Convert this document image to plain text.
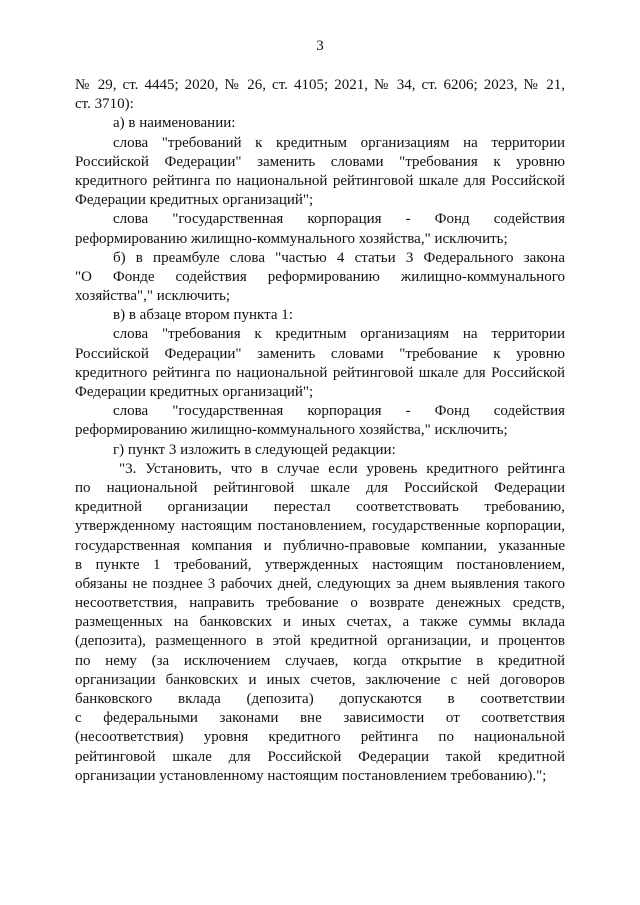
3
№ 29, ст. 4445; 2020, № 26, ст. 4105; 2021, № 34, ст. 6206; 2023, № 21,
ст. 3710):
а) в наименовании:
слова "требований к кредитным организациям на территории
Российской Федерации" заменить словами "требования к уровню
кредитного рейтинга по национальной рейтинговой шкале для Российской
Федерации кредитных организаций";
слова "государственная корпорация - Фонд содействия
реформированию жилищно-коммунального хозяйства," исключить;
б) в преамбуле слова "частью 4 статьи 3 Федерального закона
"О Фонде содействия реформированию жилищно-коммунального
хозяйства"," исключить;
в) в абзаце втором пункта 1:
слова "требования к кредитным организациям на территории
Российской Федерации" заменить словами "требование к уровню
кредитного рейтинга по национальной рейтинговой шкале для Российской
Федерации кредитных организаций";
слова "государственная корпорация - Фонд содействия
реформированию жилищно-коммунального хозяйства," исключить;
г) пункт 3 изложить в следующей редакции:
"3. Установить, что в случае если уровень кредитного рейтинга
по национальной рейтинговой шкале для Российской Федерации
кредитной организации перестал соответствовать требованию,
утвержденному настоящим постановлением, государственные корпорации,
государственная компания и публично-правовые компании, указанные
в пункте 1 требований, утвержденных настоящим постановлением,
обязаны не позднее 3 рабочих дней, следующих за днем выявления такого
несоответствия, направить требование о возврате денежных средств,
размещенных на банковских и иных счетах, а также суммы вклада
(депозита), размещенного в этой кредитной организации, и процентов
по нему (за исключением случаев, когда открытие в кредитной
организации банковских и иных счетов, заключение с ней договоров
банковского вклада (депозита) допускаются в соответствии
с федеральными законами вне зависимости от соответствия
(несоответствия) уровня кредитного рейтинга по национальной
рейтинговой шкале для Российской Федерации такой кредитной
организации установленному настоящим постановлением требованию).";
